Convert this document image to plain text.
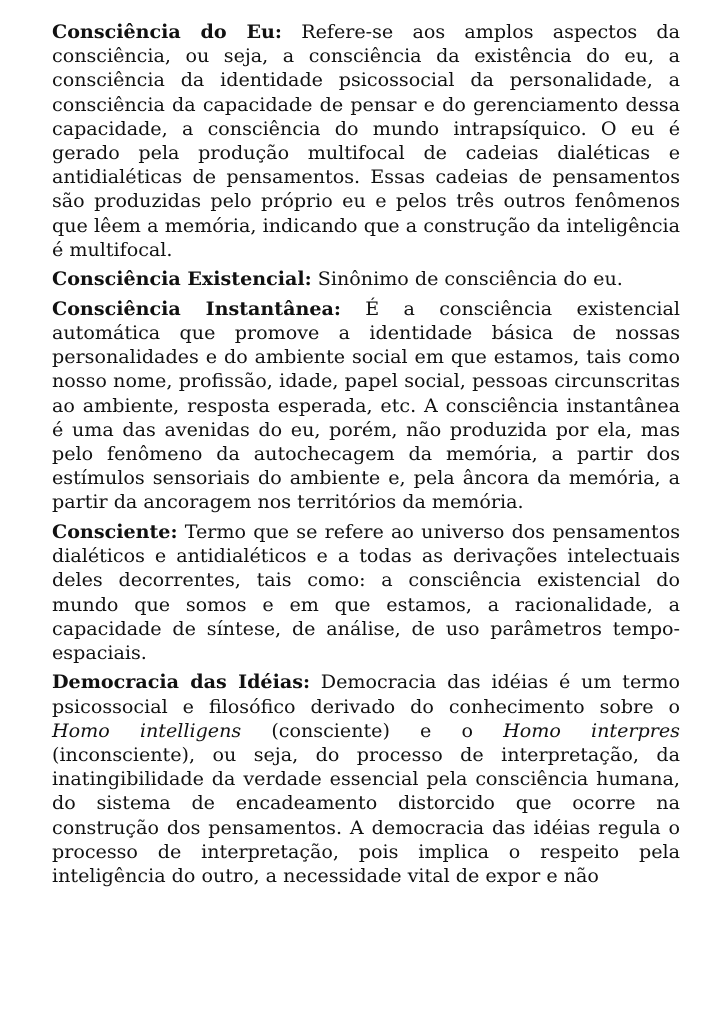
Consciência do Eu: Refere-se aos amplos aspectos da consciência, ou seja, a consciência da existência do eu, a consciência da identidade psicossocial da personalidade, a consciência da capacidade de pensar e do gerenciamento dessa capacidade, a consciência do mundo intrapsíquico. O eu é gerado pela produção multifocal de cadeias dialéticas e antidialéticas de pensamentos. Essas cadeias de pensamentos são produzidas pelo próprio eu e pelos três outros fenômenos que lêem a memória, indicando que a construção da inteligência é multifocal.

Consciência Existencial: Sinônimo de consciência do eu.

Consciência Instantânea: É a consciência existencial automática que promove a identidade básica de nossas personalidades e do ambiente social em que estamos, tais como nosso nome, profissão, idade, papel social, pessoas circunscritas ao ambiente, resposta esperada, etc. A consciência instantânea é uma das avenidas do eu, porém, não produzida por ela, mas pelo fenômeno da autochecagem da memória, a partir dos estímulos sensoriais do ambiente e, pela âncora da memória, a partir da ancoragem nos territórios da memória.

Consciente: Termo que se refere ao universo dos pensamentos dialéticos e antidialéticos e a todas as derivações intelectuais deles decorrentes, tais como: a consciência existencial do mundo que somos e em que estamos, a racionalidade, a capacidade de síntese, de análise, de uso parâmetros tempo-espaciais.

Democracia das Idéias: Democracia das idéias é um termo psicossocial e filosófico derivado do conhecimento sobre o Homo intelligens (consciente) e o Homo interpres (inconsciente), ou seja, do processo de interpretação, da inatingibilidade da verdade essencial pela consciência humana, do sistema de encadeamento distorcido que ocorre na construção dos pensamentos. A democracia das idéias regula o processo de interpretação, pois implica o respeito pela inteligência do outro, a necessidade vital de expor e não
